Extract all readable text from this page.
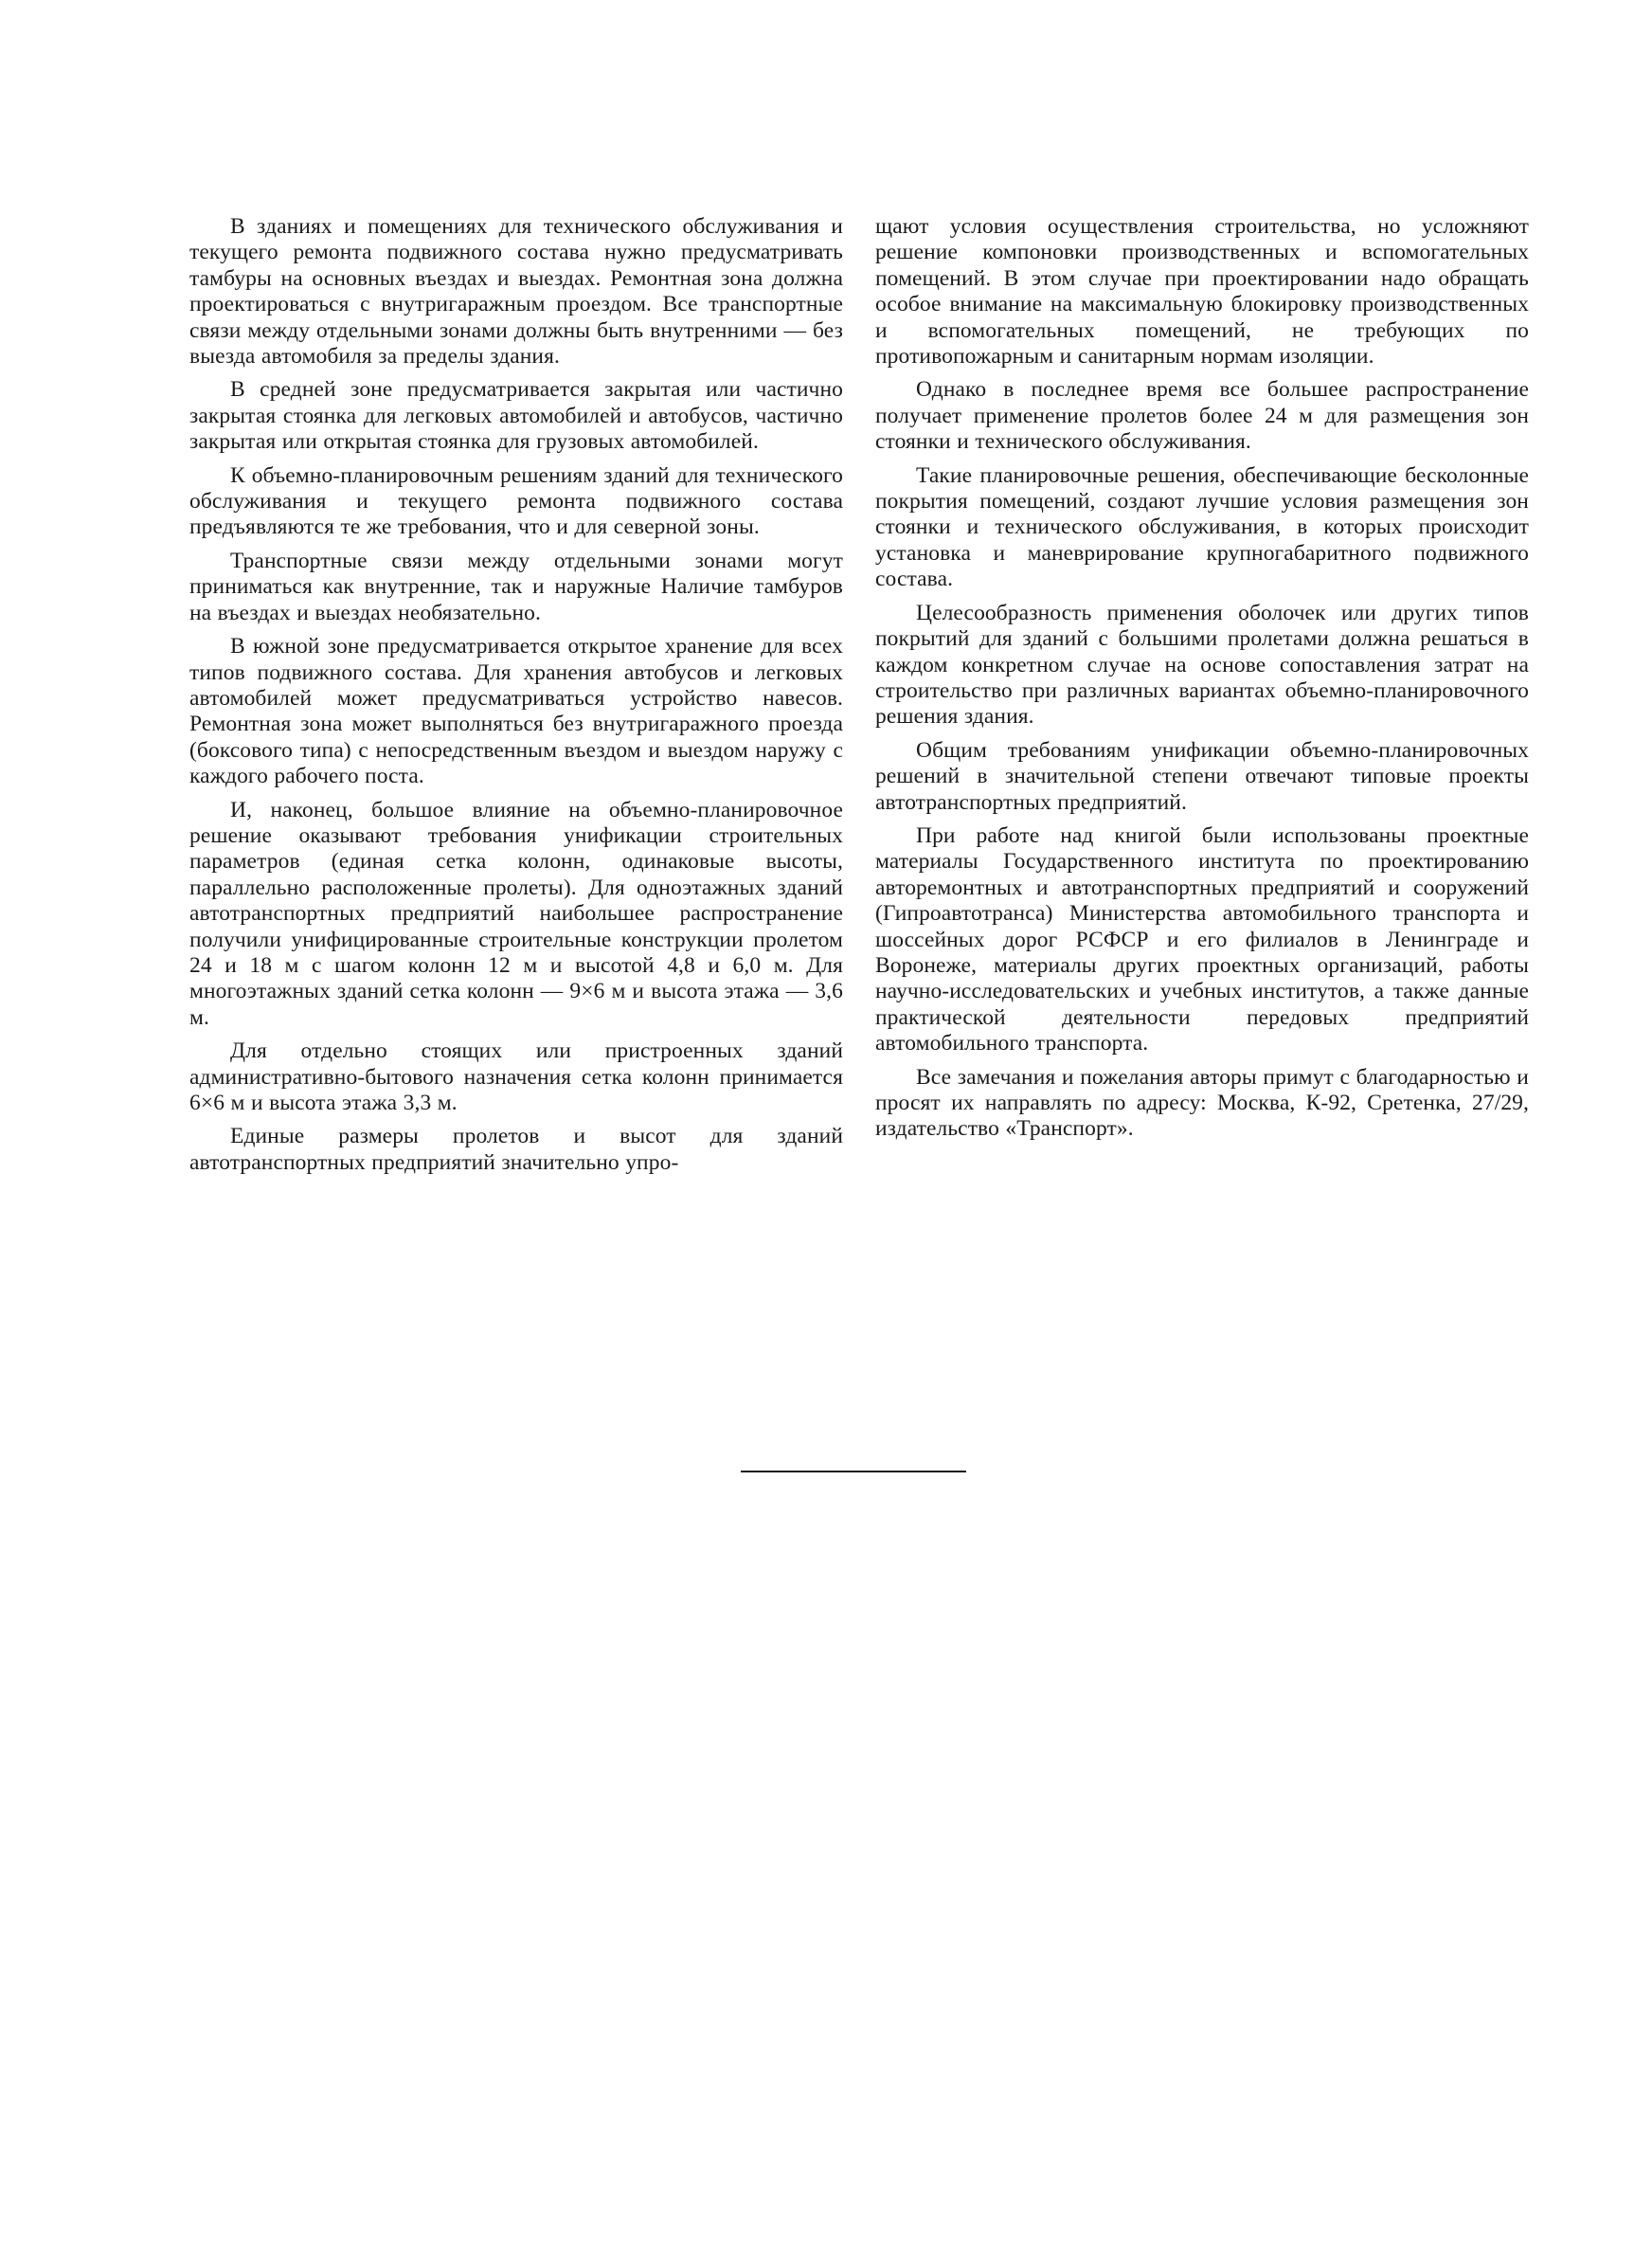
В зданиях и помещениях для технического обслуживания и текущего ремонта подвижного состава нужно предусматривать тамбуры на основных въездах и выездах. Ремонтная зона должна проектироваться с внутригаражным проездом. Все транспортные связи между отдельными зонами должны быть внутренними — без выезда автомобиля за пределы здания.

В средней зоне предусматривается закрытая или частично закрытая стоянка для легковых автомобилей и автобусов, частично закрытая или открытая стоянка для грузовых автомобилей.

К объемно-планировочным решениям зданий для технического обслуживания и текущего ремонта подвижного состава предъявляются те же требования, что и для северной зоны.

Транспортные связи между отдельными зонами могут приниматься как внутренние, так и наружные Наличие тамбуров на въездах и выездах необязательно.

В южной зоне предусматривается открытое хранение для всех типов подвижного состава. Для хранения автобусов и легковых автомобилей может предусматриваться устройство навесов. Ремонтная зона может выполняться без внутригаражного проезда (боксового типа) с непосредственным въездом и выездом наружу с каждого рабочего поста.

И, наконец, большое влияние на объемно-планировочное решение оказывают требования унификации строительных параметров (единая сетка колонн, одинаковые высоты, параллельно расположенные пролеты). Для одноэтажных зданий автотранспортных предприятий наибольшее распространение получили унифицированные строительные конструкции пролетом 24 и 18 м с шагом колонн 12 м и высотой 4,8 и 6,0 м. Для многоэтажных зданий сетка колонн — 9×6 м и высота этажа — 3,6 м.

Для отдельно стоящих или пристроенных зданий административно-бытового назначения сетка колонн принимается 6×6 м и высота этажа 3,3 м.

Единые размеры пролетов и высот для зданий автотранспортных предприятий значительно упро-

щают условия осуществления строительства, но усложняют решение компоновки производственных и вспомогательных помещений. В этом случае при проектировании надо обращать особое внимание на максимальную блокировку производственных и вспомогательных помещений, не требующих по противопожарным и санитарным нормам изоляции.

Однако в последнее время все большее распространение получает применение пролетов более 24 м для размещения зон стоянки и технического обслуживания.

Такие планировочные решения, обеспечивающие бесколонные покрытия помещений, создают лучшие условия размещения зон стоянки и технического обслуживания, в которых происходит установка и маневрирование крупногабаритного подвижного состава.

Целесообразность применения оболочек или других типов покрытий для зданий с большими пролетами должна решаться в каждом конкретном случае на основе сопоставления затрат на строительство при различных вариантах объемно-планировочного решения здания.

Общим требованиям унификации объемно-планировочных решений в значительной степени отвечают типовые проекты автотранспортных предприятий.

При работе над книгой были использованы проектные материалы Государственного института по проектированию авторемонтных и автотранспортных предприятий и сооружений (Гипроавтотранса) Министерства автомобильного транспорта и шоссейных дорог РСФСР и его филиалов в Ленинграде и Воронеже, материалы других проектных организаций, работы научно-исследовательских и учебных институтов, а также данные практической деятельности передовых предприятий автомобильного транспорта.

Все замечания и пожелания авторы примут с благодарностью и просят их направлять по адресу: Москва, К-92, Сретенка, 27/29, издательство «Транспорт».
